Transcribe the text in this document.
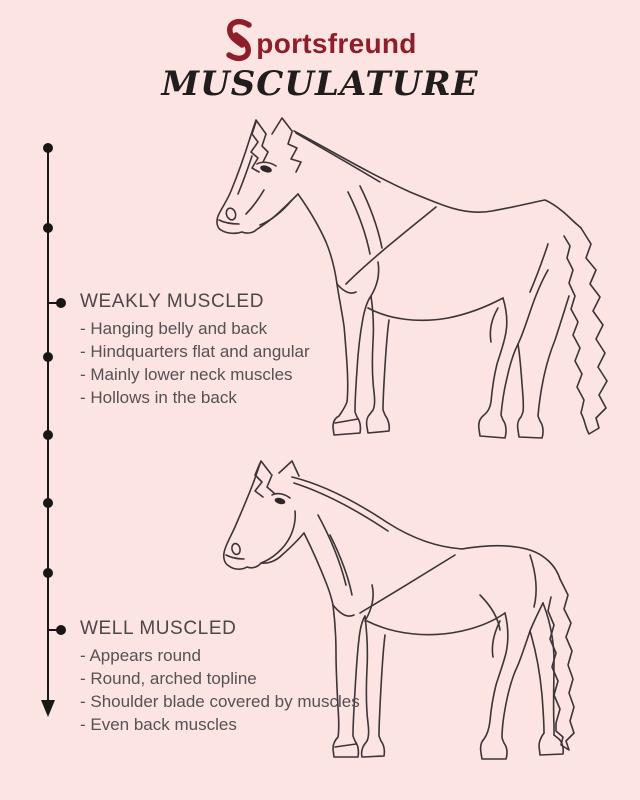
portsfreund
MUSCULATURE
WEAKLY MUSCLED
- Hanging belly and back
- Hindquarters flat and angular
- Mainly lower neck muscles
- Hollows in the back
WELL MUSCLED
- Appears round
- Round, arched topline
- Shoulder blade covered by muscles
- Even back muscles
